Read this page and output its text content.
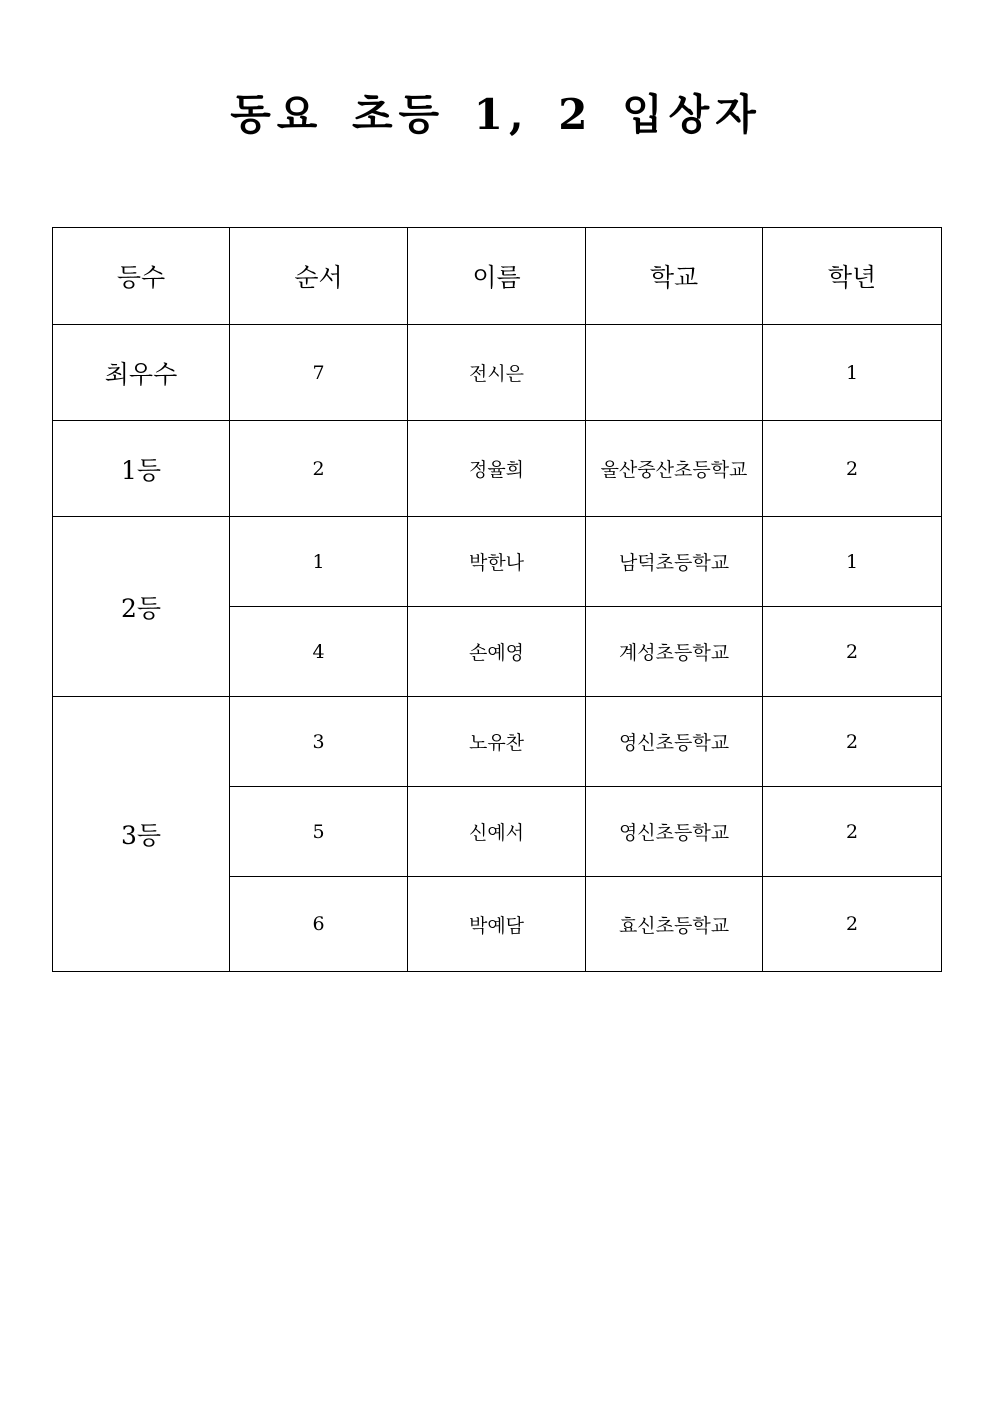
동요 초등 1, 2 입상자
등수	순서	이름	학교	학년
최우수	7	전시은		1
1등	2	정율희	울산중산초등학교	2
2등	1	박한나	남덕초등학교	1
	4	손예영	계성초등학교	2
3등	3	노유찬	영신초등학교	2
	5	신예서	영신초등학교	2
	6	박예담	효신초등학교	2
